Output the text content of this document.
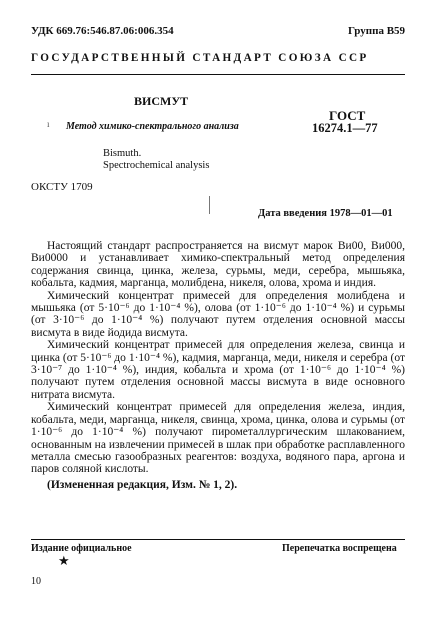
УДК 669.76:546.87.06:006.354	Группа В59
ГОСУДАРСТВЕННЫЙ СТАНДАРТ СОЮЗА ССР
ВИСМУТ
ı Метод химико-спектрального анализа
ГОСТ
16274.1—77
Bismuth.
Spectrochemical analysis
ОКСТУ 1709
Дата введения 1978—01—01

Настоящий стандарт распространяется на висмут марок Ви00, Ви000, Ви0000 и устанавливает химико-спектральный метод определения содержания свинца, цинка, железа, сурьмы, меди, серебра, мышьяка, кобальта, кадмия, марганца, молибдена, никеля, олова, хрома и индия.

Химический концентрат примесей для определения молибдена и мышьяка (от 5·10⁻⁶ до 1·10⁻⁴ %), олова (от 1·10⁻⁶ до 1·10⁻⁴ %) и сурьмы (от 3·10⁻⁶ до 1·10⁻⁴ %) получают путем отделения основной массы висмута в виде йодида висмута.

Химический концентрат примесей для определения железа, свинца и цинка (от 5·10⁻⁶ до 1·10⁻⁴ %), кадмия, марганца, меди, никеля и серебра (от 3·10⁻⁷ до 1·10⁻⁴ %), индия, кобальта и хрома (от 1·10⁻⁶ до 1·10⁻⁴ %) получают путем отделения основной массы висмута в виде основного нитрата висмута.

Химический концентрат примесей для определения железа, индия, кобальта, меди, марганца, никеля, свинца, хрома, цинка, олова и сурьмы (от 1·10⁻⁶ до 1·10⁻⁴ %) получают пирометаллургическим шлакованием, основанным на извлечении примесей в шлак при обработке расплавленного металла смесью газообразных реагентов: воздуха, водяного пара, аргона и паров соляной кислоты.

(Измененная редакция, Изм. № 1, 2).

Издание официальное
★
Перепечатка воспрещена
10
